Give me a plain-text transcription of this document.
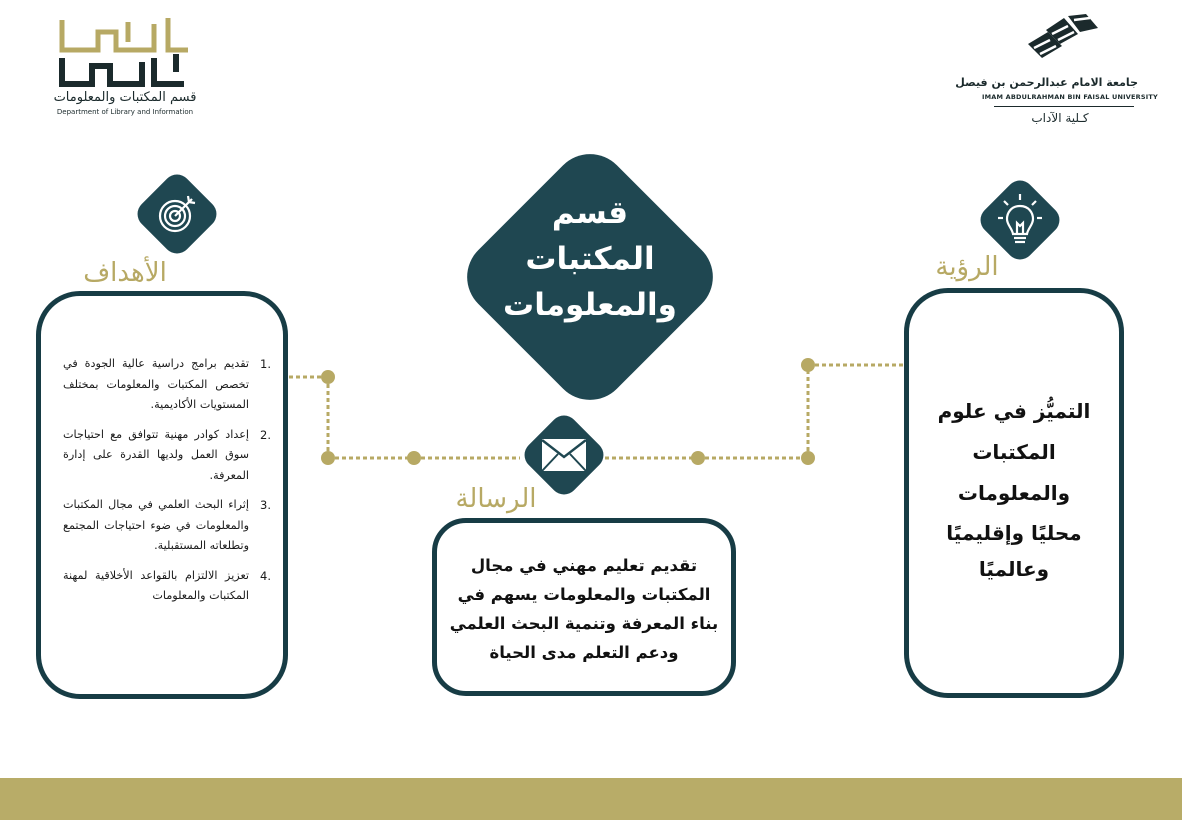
قسم المكتبات والمعلومات
Department of Library and Information
جامعة الامام عبدالرحمن بن فيصل
IMAM ABDULRAHMAN BIN FAISAL UNIVERSITY
كـلية الآداب
قسم
المكتبات
والمعلومات
الأهداف
1.
تقديم برامج دراسية عالية الجودة في تخصص المكتبات والمعلومات بمختلف المستويات الأكاديمية.
2.
إعداد كوادر مهنية تتوافق مع احتياجات سوق العمل ولديها القدرة على إدارة المعرفة.
3.
إثراء البحث العلمي في مجال المكتبات والمعلومات في ضوء احتياجات المجتمع وتطلعاته المستقبلية.
4.
تعزيز الالتزام بالقواعد الأخلاقية لمهنة المكتبات والمعلومات
الرسالة
تقديم تعليم مهني في مجال المكتبات والمعلومات يسهم في بناء المعرفة وتنمية البحث العلمي ودعم التعلم مدى الحياة
الرؤية
التميُّز في علوم المكتبات والمعلومات
محليًا وإقليميًا وعالميًا
